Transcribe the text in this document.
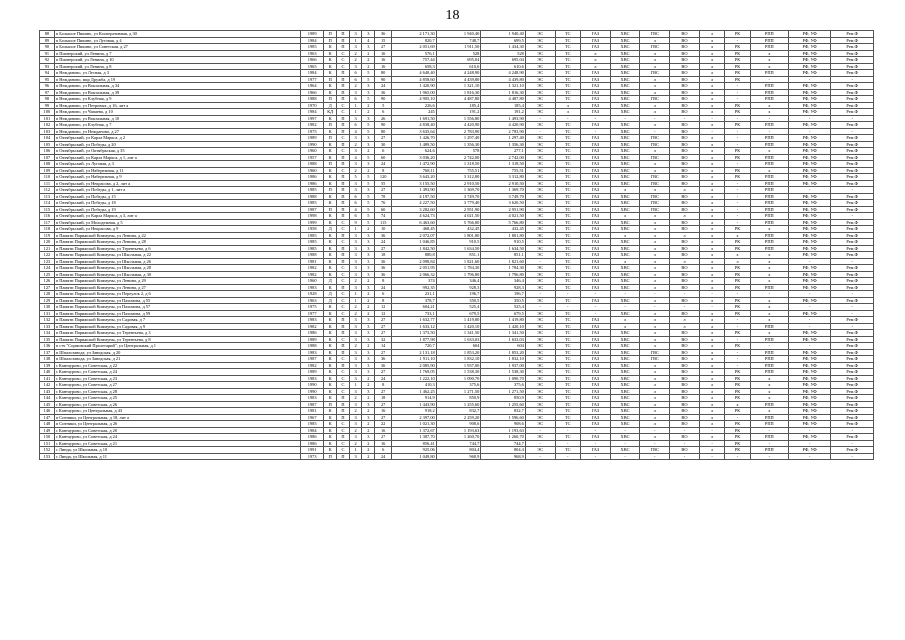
18
88	п Большое Пикино, ул Кооперативная, д 30	1989	П	П	3	3	36	2 171,30	1 940,40	1 940,40	ЭС	ТС	ГАЗ	ХВС	ГВС	ВО	л	РК	РПП	РФ, УФ	Рем.Ф
89	п Большое Пикино, ул Луговая, д 4	1984	П	П	1	4	15	820,7	748,7	699,5	ЭС	ТС	ГАЗ	ХВС	л	ВО	л	-	РПП	РФ, УФ	Рем.Ф
90	п Большое Пикино, ул Советская, д 27	1985	К	П	3	3	27	2 051,69	1 911,50	1 434,30	ЭС	ТС	ГАЗ	ХВС	ГВС	ВО	л	РК	РПП	РФ, УФ	Рем.Ф
91	п Пионерский, ул Ленина, д 7	1963	К	С	2	2	16	576,1	528	528	ЭС	ТС	л	ХВС	л	ВО	л	РК	х	РФ, УФ	Рем.Ф
92	п Пионерский, ул Ленина, д 10	1966	К	С	2	2	16	757,44	695,04	695,04	ЭС	ТС	л	ХВС	л	ВО	л	РК	х	РФ, УФ	Рем.Ф
93	п Пионерский, ул Ленина, д 8	1965	К	С	3	2	16	658,3	610,6	610,6	ЭС	ТС	л	ХВС	л	ВО	л	РК	х	РФ, УФ	Рем.Ф
94	п Нежданово, ул Лесная, д 3	1984	К	П	6	5	80	4 640,40	4 248,90	4 248,90	ЭС	ТС	ГАЗ	ХВС	ГВС	ВО	л	РК	РПП	РФ, УФ	Рем.Ф
95	п Нежданово, мкр Дружба, д 19	1977	П	П	6	5	90	4 858,60	4 439,80	4 439,80	ЭС	ТС	ГАЗ	ХВС	л	ВО	л	РК	-	-	-
96	п Нежданово, ул Вокзальная, д 34	1964	К	П	2	3	24	1 420,90	1 321,10	1 321,10	ЭС	ТС	ГАЗ	ХВС	л	ВО	л	-	РПП	РФ, УФ	Рем.Ф
97	п Нежданово, ул Вокзальная, д 39	1966	К	П	3	3	36	1 965,00	1 816,30	1 816,30	ЭС	ТС	ГАЗ	ХВС	л	ВО	л	-	РПП	РФ, УФ	Рем.Ф
98	п Нежданово, ул Клубная, д 9	1988	П	П	6	5	90	4 905,10	4 487,80	4 487,80	ЭС	ТС	ГАЗ	ХВС	ГВС	ВО	л	-	РПП	РФ, УФ	Рем.Ф
99	п Нежданово, ул Петровых, д 16, лит а	1970	Д	С	1	2	5	226,6	185,4	185,4	ЭС	л	ГАЗ	ХВС	л	ВО	л	РК	х	РФ, УФ	Рем.Ф
100	п Нежданово, ул Чапаева, д 10	1984	КД	С	1	2	6	245	191,2	191,2	ЭС	л	ГАЗ	ХВС	л	ВО	л	РК	х	РФ, УФ	Рем.Ф
101	п Нежданово, ул Вокзальная, д 10	1997	К	П	3	3	26	1 691,50	1 556,80	1 493,90	-	-	-	-	-	-	-	-	-	-	-
102	п Нежданово, ул Клубная, д 7	1982	П	П	6	5	90	4 838,40	4 420,90	4 420,90	ЭС	ТС	ГАЗ	ХВС	л	ВО	л	РК	РПП	РФ, УФ	Рем.Ф
103	п Нежданово, ул Нежданово, д 27	1975	К	П	4	5	80	3 635,64	2 783,90	2 783,90	-	ТС	-	ХВС	-	ВО	-	-	-	-	-
104	п Октябрьский, ул Карла Маркса, д 2	1989	П	С	3	3	27	1 426,70	1 297,40	1 297,40	ЭС	ТС	ГАЗ	ХВС	ГВС	ВО	л	-	РПП	РФ, УФ	Рем.Ф
105	п Октябрьский, ул Победы, д 20	1990	К	П	2	3	30	1 489,50	1 356,30	1 356,30	ЭС	ТС	ГАЗ	ХВС	ГВС	ВО	л	-	РПП	РФ, УФ	Рем.Ф
106	п Октябрьский, ул Октябрьская, д 35	1960	К	С	3	2	6	624,6	578	277,1	ЭС	ТС	ГАЗ	ХВС	л	ВО	л	РК	х	РФ, УФ	Рем.Ф
107	п Октябрьский, ул Карла Маркса, д 1, лит а	1957	К	П	4	5	60	3 036,20	2 742,00	2 742,00	ЭС	ТС	ГАЗ	ХВС	ГВС	ВО	л	РК	РПП	РФ, УФ	Рем.Ф
108	п Октябрьский, ул Луговая, д 3	1988	П	П	3	3	24	1 472,90	1 318,50	1 318,50	ЭС	ТС	ГАЗ	ХВС	л	ВО	л	-	РПП	РФ, УФ	Рем.Ф
109	п Октябрьский, ул Набережная, д 11	1960	К	С	2	2	8	768,11	755,51	755,51	ЭС	ТС	ГАЗ	ХВС	л	ВО	л	РК	х	РФ, УФ	Рем.Ф
110	п Октябрьский, ул Набережная, д 9	1986	К	П	5	5	120	3 643,20	3 312,80	3 312,80	ЭС	ТС	ГАЗ	ХВС	ГВС	ВО	л	РК	РПП	РФ, УФ	Рем.Ф
111	п Октябрьский, ул Некрасова, д 2, лит а	1986	К	П	3	5	55	3 155,50	2 910,50	2 910,50	ЭС	ТС	ГАЗ	ХВС	ГВС	ВО	л	-	РПП	РФ, УФ	Рем.Ф
112	п Октябрьский, ул Победы, д 1, лит а	1985	П	П	3	3	27	1 493,90	1 369,70	1 369,70	ЭС	ТС	ГАЗ	л	л	л	л	-	РПП	-	-
113	п Октябрьский, ул Победы, д 15	1988	К	П	6	5	78	4 197,50	3 749,70	3 749,70	ЭС	ТС	ГАЗ	ХВС	ГВС	ВО	л	-	РПП	РФ, УФ	Рем.Ф
114	п Октябрьский, ул Победы, д 18	1985	К	П	6	5	76	4 227,50	3 779,40	3 620,50	ЭС	ТС	ГАЗ	ХВС	ГВС	ВО	л	-	РПП	РФ, УФ	Рем.Ф
115	п Октябрьский, ул Победы, д 19	1987	П	П	4	5	60	3 282,60	2 951,90	2 951,90	ЭС	ТС	ГАЗ	ХВС	ГВС	ВО	л	-	РПП	РФ, УФ	Рем.Ф
116	п Октябрьский, ул Карла Маркса, д 3, лит а	1998	К	П	6	5	74	4 624,73	4 021,50	4 021,50	ЭС	ТС	ГАЗ	л	л	л	л	-	РПП	РФ, УФ	-
117	п Октябрьский, ул Молодежная, д 5	1999	К	С	9	5	115	6 463,60	5 766,80	5 766,80	ЭС	ТС	ГАЗ	ХВС	л	ВО	л	-	РПП	РФ, УФ	Рем.Ф
118	п Октябрьский, ул Некрасова, д 9	1958	Д	С	1	2	10	468,45	432,45	432,45	ЭС	ТС	ГАЗ	ХВС	л	ВО	л	РК	х	РФ, УФ	Рем.Ф
119	п Памяти Парижской Коммуны, ул Ленина, д 22	1985	К	П	3	3	36	2 072,07	1 801,80	1 801,80	ЭС	ТС	ГАЗ	л	л	л	л	х	РПП	РФ, УФ	Рем.Ф
120	п Памяти Парижской Коммуны, ул Ленина, д 28	1985	К	С	3	3	24	1 046,85	910,5	910,5	ЭС	ТС	ГАЗ	ХВС	л	ВО	л	РК	РПП	РФ, УФ	Рем.Ф
121	п Памяти Парижской Коммуны, ул Терентьева, д 6	1985	К	П	3	3	27	1 842,50	1 634,50	1 634,50	ЭС	ТС	ГАЗ	ХВС	л	ВО	л	РК	РПП	РФ, УФ	Рем.Ф
122	п Памяти Парижской Коммуны, ул Школьная, д 22	1988	К	П	3	3	18	880,8	851,1	851,1	ЭС	ТС	ГАЗ	ХВС	л	ВО	л	х	х	РФ, УФ	Рем.Ф
123	п Памяти Парижской Коммуны, ул Школьная, д 26	1981	К	П	3	3	36	2 098,84	1 821,60	1 821,60	-	ТС	ГАЗ	л	л	л	л	л	х	-	-
124	п Памяти Парижской Коммуны, ул Школьная, д 28	1982	К	С	3	3	36	2 051,95	1 784,30	1 784,30	ЭС	ТС	ГАЗ	ХВС	л	ВО	л	РК	х	РФ, УФ	Рем.Ф
125	п Памяти Парижской Коммуны, ул Школьная, д 30	1982	К	С	3	3	36	2 066,32	1 796,80	1 796,80	ЭС	ТС	ГАЗ	ХВС	л	ВО	л	РК	х	РФ, УФ	Рем.Ф
126	п Памяти Парижской Коммуны, ул Ленина, д 29	1960	Д	С	2	2	8	374	346,4	346,4	ЭС	ТС	ГАЗ	ХВС	л	ВО	л	РК	х	РФ, УФ	Рем.Ф
127	п Памяти Парижской Коммуны, ул Ленина, д 27	1983	К	П	3	3	24	992,35	928,3	928,3	ЭС	ТС	ГАЗ	ХВС	л	ВО	л	РК	РПП	РФ, УФ	Рем.Ф
128	п Памяти Парижской Коммуны, ул Переулок 2, д 6	1928	Д	С	1	2	6	231,1	196,7	196,7	-	-	-	-	-	-	-	-	-	-	-
129	п Памяти Парижской Коммуны, ул Пахомова, д 55	1963	Д	С	1	2	8	378,7	350,5	350,5	ЭС	ТС	ГАЗ	ХВС	л	ВО	л	РК	х	РФ, УФ	Рем.Ф
130	п Памяти Парижской Коммуны, ул Пахомова, д 57	1975	К	С	2	2	12	604,21	525,4	525,4	-	-	-	-	-	-	-	РК	х	-	-
131	п Памяти Парижской Коммуны, ул Пахомова, д 59	1977	К	С	2	2	12	733,1	679,5	679,5	ЭС	ТС	-	ХВС	л	ВО	л	РК	х	РФ, УФ	-
132	п Памяти Парижской Коммуны, ул Садовая, д 7	1983	К	П	3	3	27	1 632,77	1 419,80	1 419,80	ЭС	ТС	ГАЗ	л	л	л	л	-	х	-	Рем.Ф
133	п Памяти Парижской Коммуны, ул Садовая, д 9	1982	К	П	3	3	27	1 633,12	1 420,10	1 420,10	ЭС	ТС	ГАЗ	л	л	л	л	-	РПП	-	-
134	п Памяти Парижской Коммуны, ул Терентьева, д 3	1986	К	П	3	3	27	1 373,50	1 341,50	1 341,50	ЭС	ТС	ГАЗ	ХВС	л	ВО	л	РК	х	РФ, УФ	Рем.Ф
135	п Памяти Парижской Коммуны, ул Терентьева, д 8	1989	К	С	3	3	32	1 877,98	1 633,03	1 633,03	ЭС	ТС	ГАЗ	ХВС	л	ВО	л	-	РПП	РФ, УФ	Рем.Ф
136	п стч "Сормовский Пролетарий", ул Центральная, д 1	1988	К	П	2	2	14	720,7	604	604	ЭС	ТС	ГАЗ	ХВС	л	ВО	л	РК	-	-	Рем.Ф
137	п Шпалозавода, ул Заводская, д 20	1983	К	П	3	3	27	2 131,18	1 853,20	1 853,20	ЭС	ТС	ГАЗ	ХВС	ГВС	ВО	л	-	РПП	РФ, УФ	Рем.Ф
138	п Шпалозавода, ул Заводская, д 21	1987	К	С	3	3	36	1 911,10	1 832,10	1 832,10	ЭС	ТС	ГАЗ	ХВС	ГВС	ВО	л	-	РПП	РФ, УФ	Рем.Ф
139	с Кантаурово, ул Советская, д 22	1982	К	П	3	3	36	2 085,90	1 937,00	1 937,00	ЭС	ТС	ГАЗ	ХВС	л	ВО	л	-	РПП	РФ, УФ	Рем.Ф
140	с Кантаурово, ул Советская, д 24	1989	К	С	3	3	27	1 769,05	1 538,30	1 538,30	ЭС	ТС	ГАЗ	ХВС	л	ВО	л	РК	РПП	РФ, УФ	Рем.Ф
141	с Кантаурово, ул Советская, д 23	1983	К	С	3	2	24	1 222,10	1 090,70	1 090,70	ЭС	ТС	ГАЗ	ХВС	л	ВО	л	РК	х	РФ, УФ	Рем.Ф
142	с Кантаурово, ул Советская, д 27	1990	К	С	1	2	8	410,3	375,6	375,6	ЭС	ТС	ГАЗ	ХВС	л	ВО	л	РК	х	РФ, УФ	Рем.Ф
143	с Кантаурово, ул Советская, д 28	1990	К	С	3	3	27	1 462,25	1 271,50	1 271,50	ЭС	ТС	ГАЗ	ХВС	л	ВО	л	РК	х	РФ, УФ	Рем.Ф
144	с Кантаурово, ул Советская, д 25	1983	К	П	2	2	18	914,9	850,9	850,9	ЭС	ТС	ГАЗ	ХВС	л	ВО	л	РК	х	РФ, УФ	Рем.Ф
145	с Кантаурово, ул Советская, д 26	1987	П	П	3	3	27	1 443,90	1 255,60	1 255,60	ЭС	ТС	ГАЗ	ХВС	л	ВО	л	х	РПП	РФ, УФ	Рем.Ф
146	с Кантаурово, ул Центральная, д 43	1981	К	П	2	2	16	918,2	832,7	832,7	ЭС	ТС	ГАЗ	ХВС	л	ВО	л	РК	х	РФ, УФ	Рем.Ф
147	п Ситники, ул Центральная, д 18, лит а	1967	К	П	3	3	27	2 397,00	2 259,20	1 596,60	ЭС	ТС	ГАЗ	ХВС	л	ВО	л	-	РПП	РФ, УФ	Рем.Ф
148	п Ситники, ул Центральная, д 26	1985	К	С	3	2	22	1 021,30	908,6	908,6	ЭС	ТС	ГАЗ	ХВС	л	ВО	л	РК	РПП	РФ, УФ	Рем.Ф
149	с Кантаурово, ул Советская, д 20	1984	К	С	2	2	16	1 372,67	1 193,63	1 193,63	-	-	-	-	-	-	-	РК	-	-	-
150	с Кантаурово, ул Советская, д 24	1986	К	П	3	3	27	1 387,70	1 260,70	1 260,70	ЭС	ТС	ГАЗ	ХВС	л	ВО	л	РК	РПП	РФ, УФ	Рем.Ф
151	с Кантаурово, ул Советская, д 21	1986	К	С	2	2	16	856,41	744,7	744,7	-	-	-	-	-	-	-	РК	-	-	-
152	с Линда, ул Школьная, д 10	1991	К	С	1	2	6	925,06	804,4	804,4	ЭС	ТС	ГАЗ	ХВС	ГВС	ВО	л	РК	РПП	РФ, УФ	Рем.Ф
153	с Линда, ул Школьная, д 11	1973	П	П	3	2	24	1 049,80	968,9	968,9	-	-	-	-	-	-	-	-	-	-	-
